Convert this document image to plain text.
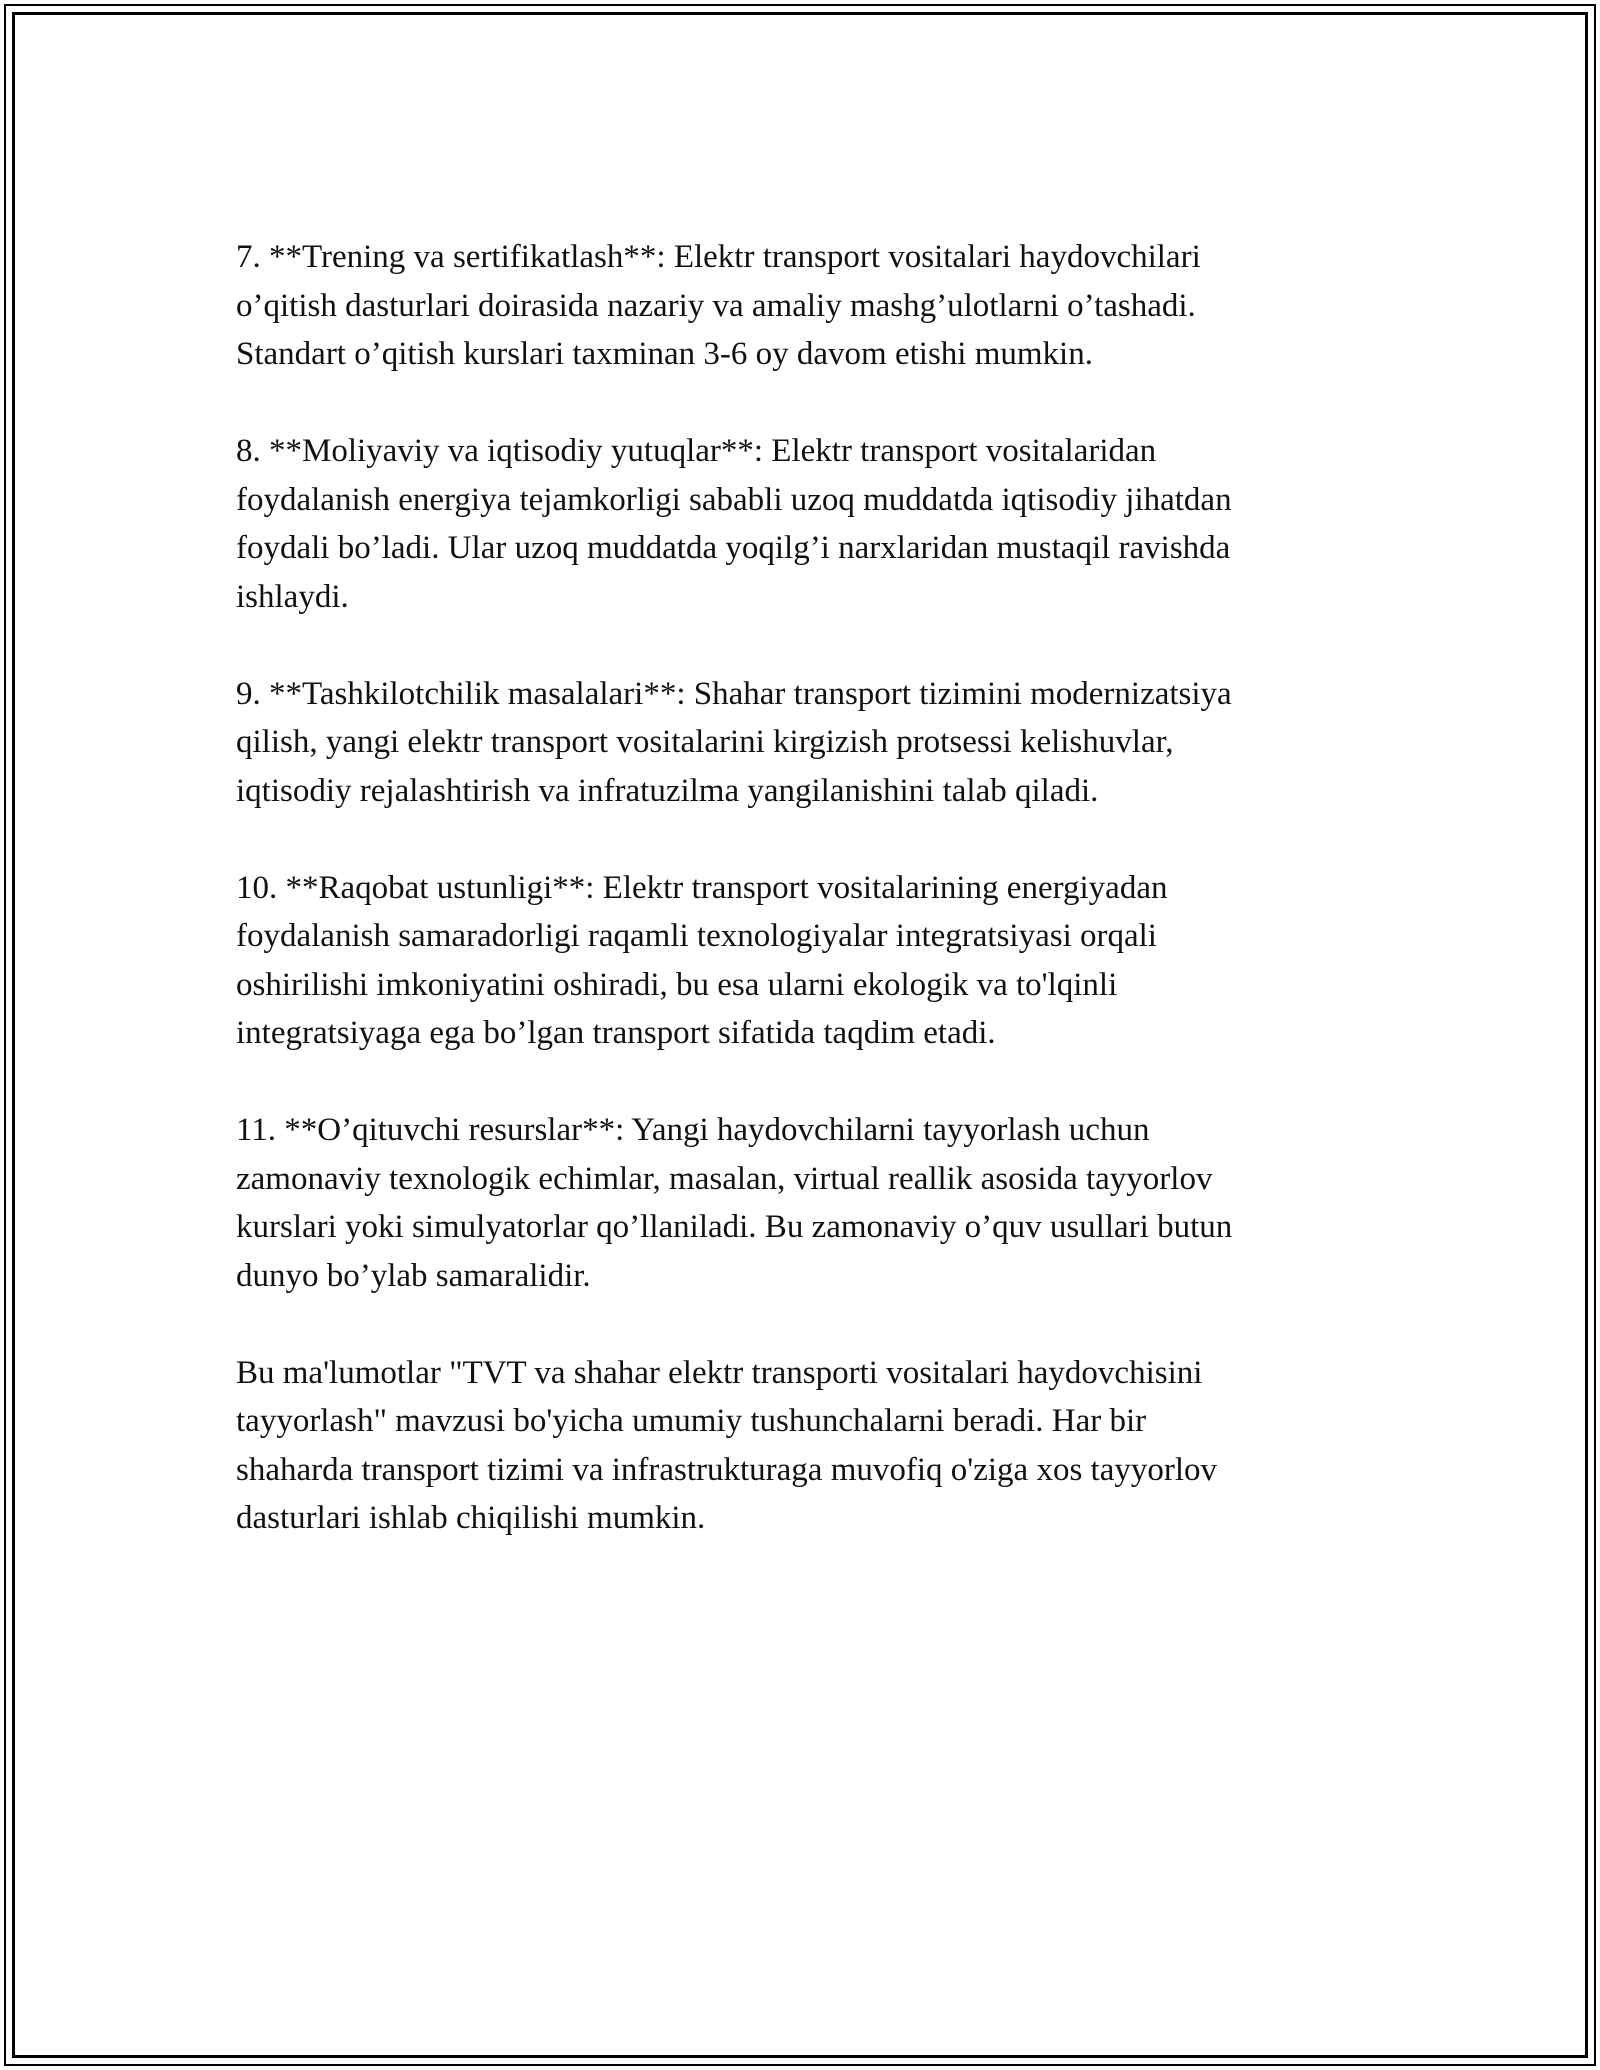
7. **Trening va sertifikatlash**: Elektr transport vositalari haydovchilari
o’qitish dasturlari doirasida nazariy va amaliy mashg’ulotlarni o’tashadi.
Standart o’qitish kurslari taxminan 3-6 oy davom etishi mumkin.

8. **Moliyaviy va iqtisodiy yutuqlar**: Elektr transport vositalaridan
foydalanish energiya tejamkorligi sababli uzoq muddatda iqtisodiy jihatdan
foydali bo’ladi. Ular uzoq muddatda yoqilg’i narxlaridan mustaqil ravishda
ishlaydi.

9. **Tashkilotchilik masalalari**: Shahar transport tizimini modernizatsiya
qilish, yangi elektr transport vositalarini kirgizish protsessi kelishuvlar,
iqtisodiy rejalashtirish va infratuzilma yangilanishini talab qiladi.

10. **Raqobat ustunligi**: Elektr transport vositalarining energiyadan
foydalanish samaradorligi raqamli texnologiyalar integratsiyasi orqali
oshirilishi imkoniyatini oshiradi, bu esa ularni ekologik va to'lqinli
integratsiyaga ega bo’lgan transport sifatida taqdim etadi.

11. **O’qituvchi resurslar**: Yangi haydovchilarni tayyorlash uchun
zamonaviy texnologik echimlar, masalan, virtual reallik asosida tayyorlov
kurslari yoki simulyatorlar qo’llaniladi. Bu zamonaviy o’quv usullari butun
dunyo bo’ylab samaralidir.

Bu ma'lumotlar "TVT va shahar elektr transporti vositalari haydovchisini
tayyorlash" mavzusi bo'yicha umumiy tushunchalarni beradi. Har bir
shaharda transport tizimi va infrastrukturaga muvofiq o'ziga xos tayyorlov
dasturlari ishlab chiqilishi mumkin.
